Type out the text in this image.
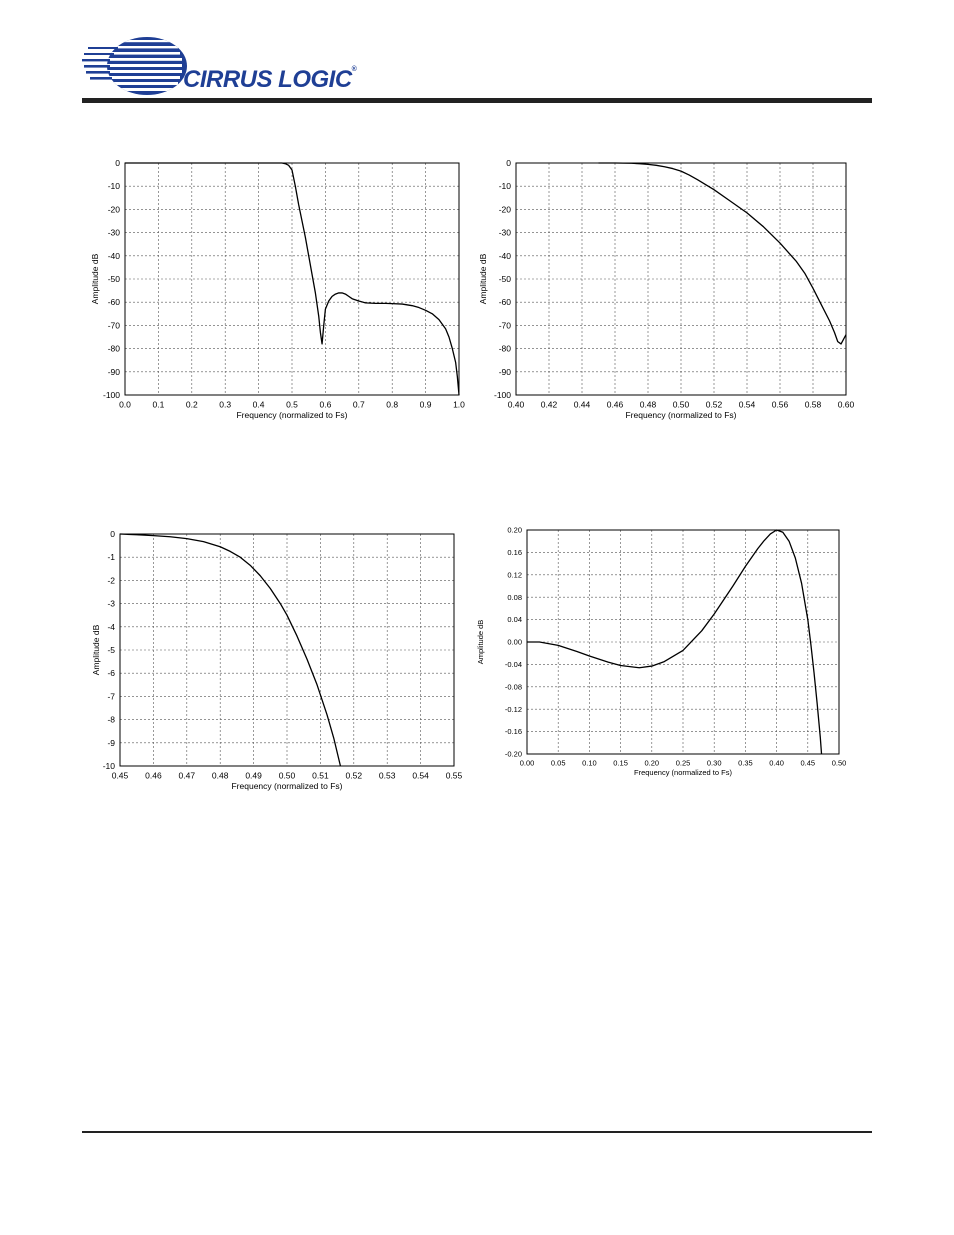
CIRRUS LOGIC®
0.0	0.1	0.2	0.3	0.4	0.5	0.6	0.7	0.8	0.9	1.0
0
-10
-20
-30
-40
-50
-60
-70
-80
-90
-100
Frequency (normalized to Fs)
Amplitude dB
0.40 0.42 0.44 0.46 0.48 0.50 0.52 0.54 0.56 0.58 0.60
0
-10
-20
-30
-40
-50
-60
-70
-80
-90
-100
Frequency (normalized to Fs)
Amplitude dB
0.45 0.46 0.47 0.48 0.49 0.50 0.51 0.52 0.53 0.54 0.55
0
-1
-2
-3
-4
-5
-6
-7
-8
-9
-10
Frequency (normalized to Fs)
Amplitude dB
0.00 0.05 0.10 0.15 0.20 0.25 0.30 0.35 0.40 0.45 0.50
0.20
0.16
0.12
0.08
0.04
0.00
-0.04
-0.08
-0.12
-0.16
-0.20
Frequency (normalized to Fs)
Amplitude dB
